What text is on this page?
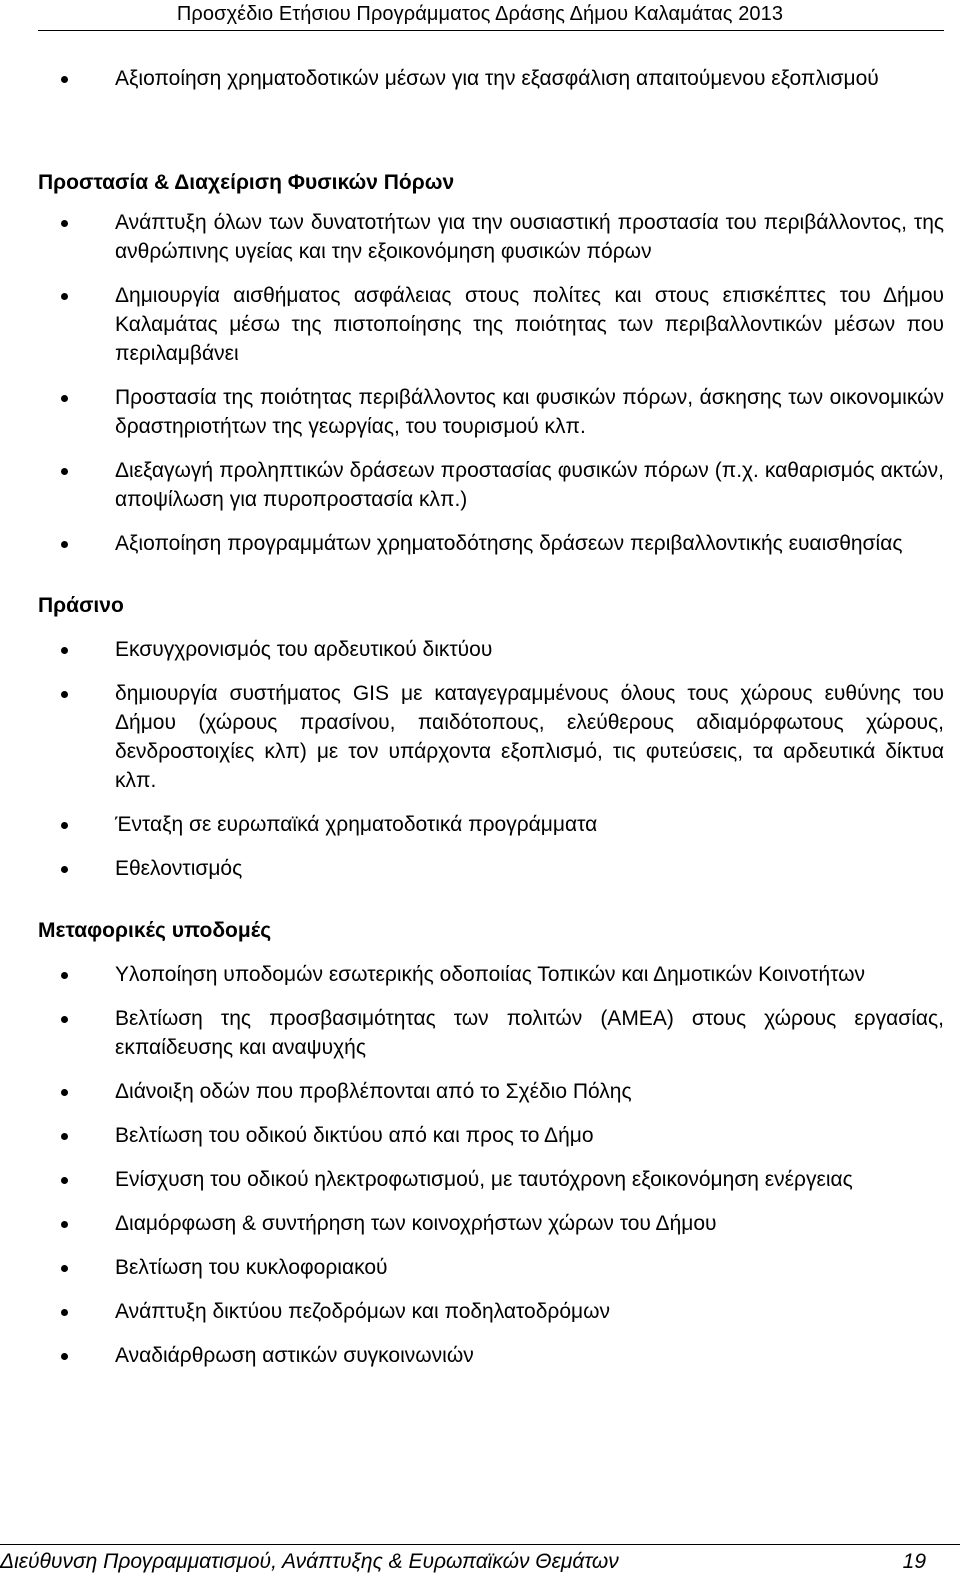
Προσχέδιο Ετήσιου Προγράμματος Δράσης Δήμου Καλαμάτας 2013
Αξιοποίηση χρηματοδοτικών μέσων για την εξασφάλιση απαιτούμενου εξοπλισμού
Προστασία & Διαχείριση Φυσικών Πόρων
Ανάπτυξη όλων των δυνατοτήτων για την ουσιαστική προστασία του περιβάλλοντος, της ανθρώπινης υγείας και την εξοικονόμηση φυσικών πόρων
Δημιουργία αισθήματος ασφάλειας στους πολίτες και στους επισκέπτες του Δήμου Καλαμάτας μέσω της πιστοποίησης της ποιότητας των περιβαλλοντικών μέσων που περιλαμβάνει
Προστασία της ποιότητας περιβάλλοντος και φυσικών πόρων, άσκησης των οικονομικών δραστηριοτήτων της γεωργίας, του τουρισμού κλπ.
Διεξαγωγή προληπτικών δράσεων προστασίας φυσικών πόρων (π.χ. καθαρισμός ακτών, αποψίλωση για πυροπροστασία κλπ.)
Αξιοποίηση προγραμμάτων χρηματοδότησης δράσεων περιβαλλοντικής ευαισθησίας
Πράσινο
Εκσυγχρονισμός του αρδευτικού δικτύου
δημιουργία συστήματος GIS με καταγεγραμμένους όλους τους χώρους ευθύνης του Δήμου (χώρους πρασίνου, παιδότοπους, ελεύθερους αδιαμόρφωτους χώρους, δενδροστοιχίες κλπ) με τον υπάρχοντα εξοπλισμό, τις φυτεύσεις, τα αρδευτικά δίκτυα κλπ.
Ένταξη σε ευρωπαϊκά χρηματοδοτικά προγράμματα
Εθελοντισμός
Μεταφορικές υποδομές
Υλοποίηση υποδομών εσωτερικής οδοποιίας Τοπικών και Δημοτικών Κοινοτήτων
Βελτίωση της προσβασιμότητας των πολιτών (ΑΜΕΑ) στους χώρους εργασίας, εκπαίδευσης και αναψυχής
Διάνοιξη οδών που προβλέπονται από το Σχέδιο Πόλης
Βελτίωση του οδικού δικτύου από και προς το Δήμο
Ενίσχυση του οδικού ηλεκτροφωτισμού, με ταυτόχρονη εξοικονόμηση ενέργειας
Διαμόρφωση & συντήρηση των κοινοχρήστων χώρων του Δήμου
Βελτίωση του κυκλοφοριακού
Ανάπτυξη δικτύου πεζοδρόμων και ποδηλατοδρόμων
Αναδιάρθρωση αστικών συγκοινωνιών
Διεύθυνση Προγραμματισμού, Ανάπτυξης & Ευρωπαϊκών Θεμάτων	19
